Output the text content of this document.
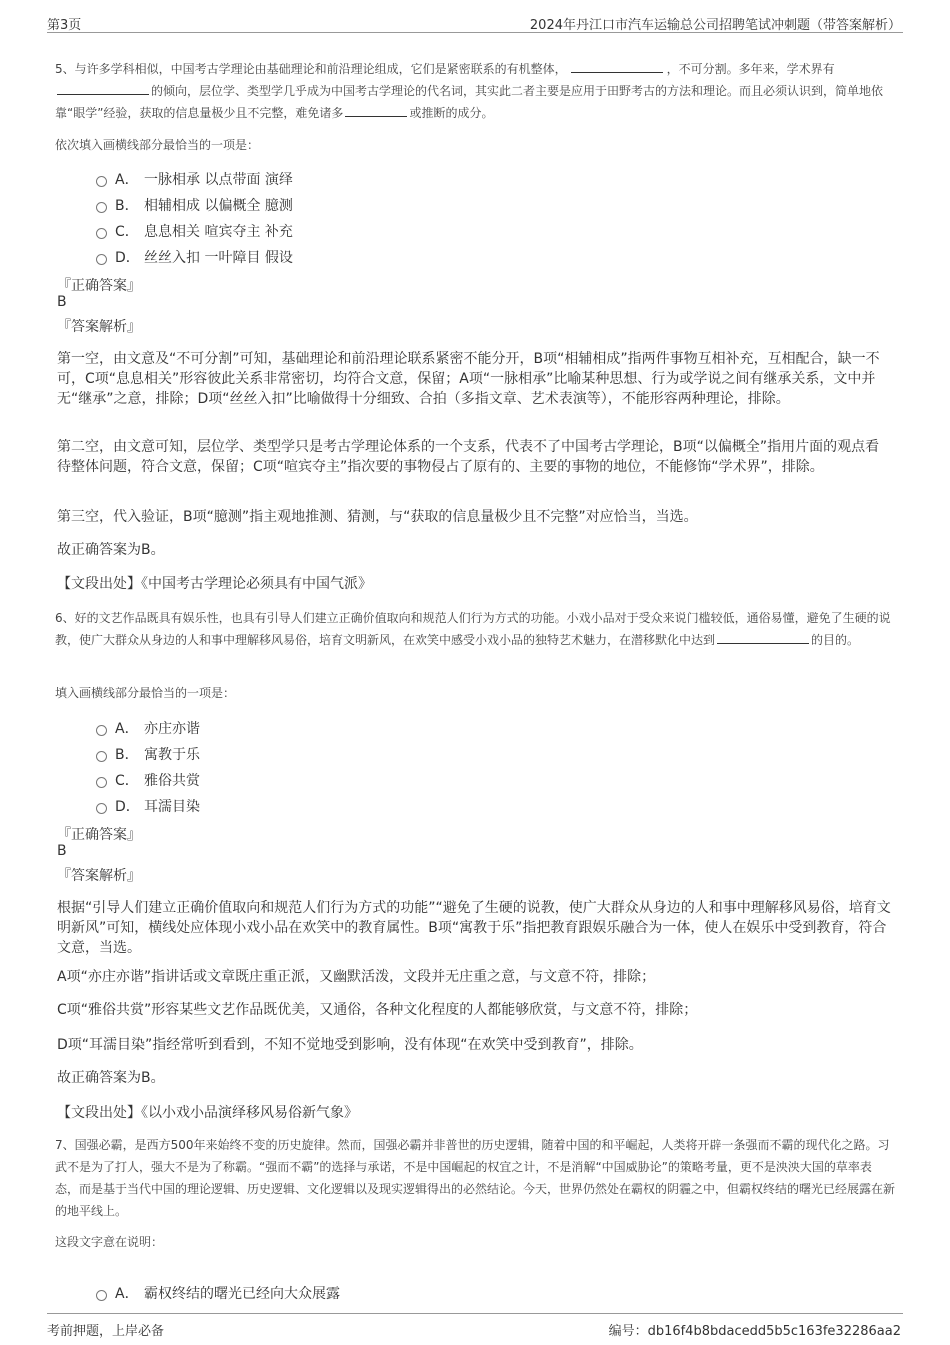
第3页	2024年丹江口市汽车运输总公司招聘笔试冲刺题（带答案解析）
5、与许多学科相似，中国考古学理论由基础理论和前沿理论组成，它们是紧密联系的有机整体，	，不可分割。多年来，学术界有的倾向，层位学、类型学几乎成为中国考古学理论的代名词，其实此二者主要是应用于田野考古的方法和理论。而且必须认识到，简单地依靠“眼学”经验，获取的信息量极少且不完整，难免诸多	或推断的成分。
依次填入画横线部分最恰当的一项是：
A． 一脉相承 以点带面 演绎
B． 相辅相成 以偏概全 臆测
C． 息息相关 喧宾夺主 补充
D． 丝丝入扣 一叶障目 假设
『正确答案』
B
『答案解析』
第一空，由文意及“不可分割”可知，基础理论和前沿理论联系紧密不能分开，B项“相辅相成”指两件事物互相补充，互相配合，缺一不可，C项“息息相关”形容彼此关系非常密切，均符合文意，保留；A项“一脉相承”比喻某种思想、行为或学说之间有继承关系，文中并无“继承”之意，排除；D项“丝丝入扣”比喻做得十分细致、合拍（多指文章、艺术表演等），不能形容两种理论，排除。
第二空，由文意可知，层位学、类型学只是考古学理论体系的一个支系，代表不了中国考古学理论，B项“以偏概全”指用片面的观点看待整体问题，符合文意，保留；C项“喧宾夺主”指次要的事物侵占了原有的、主要的事物的地位，不能修饰“学术界”，排除。
第三空，代入验证，B项“臆测”指主观地推测、猜测，与“获取的信息量极少且不完整”对应恰当，当选。
故正确答案为B。
【文段出处】《中国考古学理论必须具有中国气派》
6、好的文艺作品既具有娱乐性，也具有引导人们建立正确价值取向和规范人们行为方式的功能。小戏小品对于受众来说门槛较低，通俗易懂，避免了生硬的说教，使广大群众从身边的人和事中理解移风易俗，培育文明新风，在欢笑中感受小戏小品的独特艺术魅力，在潜移默化中达到	的目的。
填入画横线部分最恰当的一项是：
A． 亦庄亦谐
B． 寓教于乐
C． 雅俗共赏
D． 耳濡目染
『正确答案』
B
『答案解析』
根据“引导人们建立正确价值取向和规范人们行为方式的功能”“避免了生硬的说教，使广大群众从身边的人和事中理解移风易俗，培育文明新风”可知，横线处应体现小戏小品在欢笑中的教育属性。B项“寓教于乐”指把教育跟娱乐融合为一体，使人在娱乐中受到教育，符合文意，当选。
A项“亦庄亦谐”指讲话或文章既庄重正派，又幽默活泼，文段并无庄重之意，与文意不符，排除；
C项“雅俗共赏”形容某些文艺作品既优美，又通俗，各种文化程度的人都能够欣赏，与文意不符，排除；
D项“耳濡目染”指经常听到看到，不知不觉地受到影响，没有体现“在欢笑中受到教育”，排除。
故正确答案为B。
【文段出处】《以小戏小品演绎移风易俗新气象》
7、国强必霸，是西方500年来始终不变的历史旋律。然而，国强必霸并非普世的历史逻辑，随着中国的和平崛起，人类将开辟一条强而不霸的现代化之路。习武不是为了打人，强大不是为了称霸。“强而不霸”的选择与承诺，不是中国崛起的权宜之计，不是消解“中国威胁论”的策略考量，更不是泱泱大国的草率表态，而是基于当代中国的理论逻辑、历史逻辑、文化逻辑以及现实逻辑得出的必然结论。今天，世界仍然处在霸权的阴霾之中，但霸权终结的曙光已经展露在新的地平线上。
这段文字意在说明：
A． 霸权终结的曙光已经向大众展露
考前押题，上岸必备	编号：db16f4b8bdacedd5b5c163fe32286aa2
